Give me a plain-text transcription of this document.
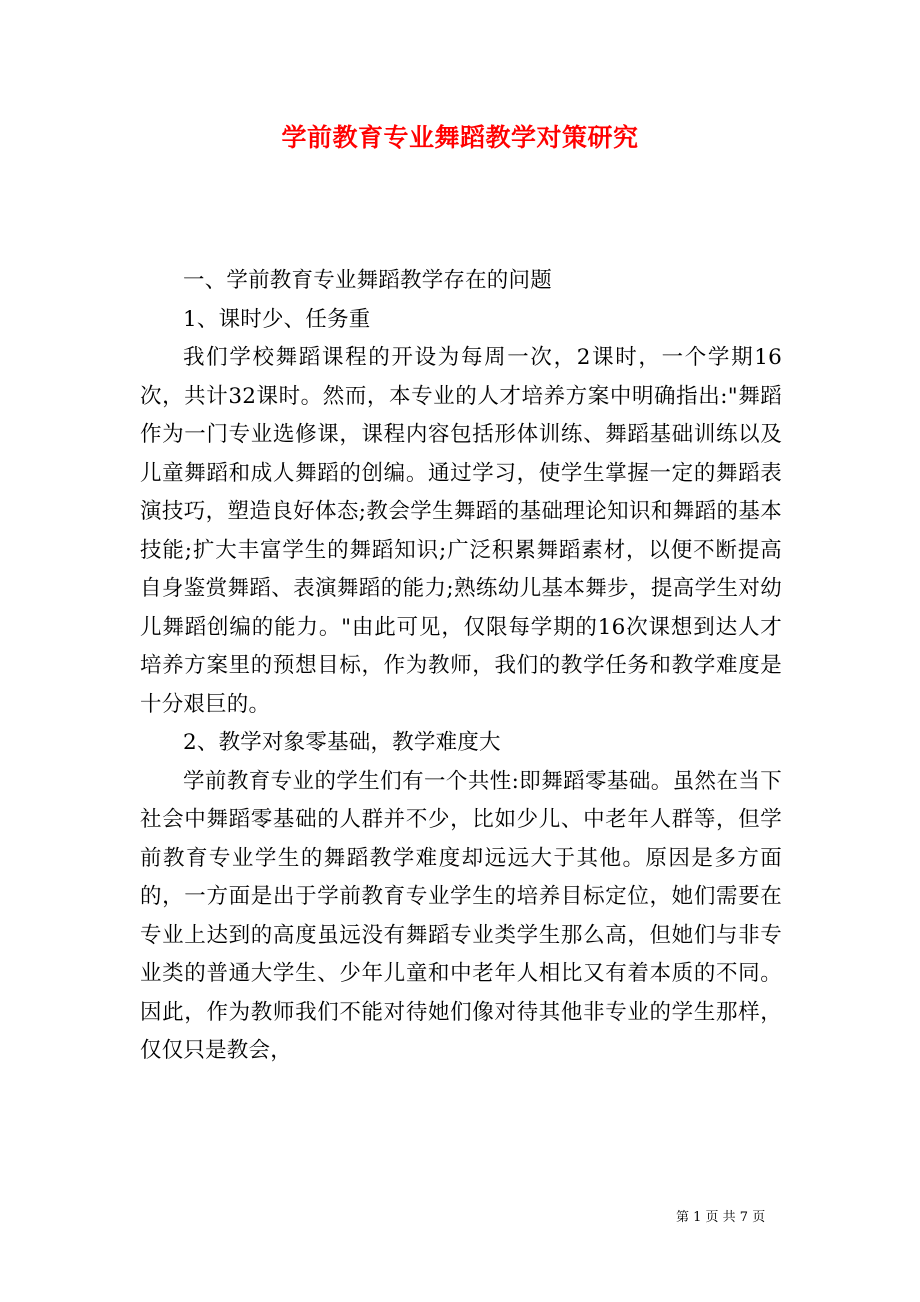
学前教育专业舞蹈教学对策研究

一、学前教育专业舞蹈教学存在的问题

1、课时少、任务重

我们学校舞蹈课程的开设为每周一次，2课时，一个学期16次，共计32课时。然而，本专业的人才培养方案中明确指出:"舞蹈作为一门专业选修课，课程内容包括形体训练、舞蹈基础训练以及儿童舞蹈和成人舞蹈的创编。通过学习，使学生掌握一定的舞蹈表演技巧，塑造良好体态;教会学生舞蹈的基础理论知识和舞蹈的基本技能;扩大丰富学生的舞蹈知识;广泛积累舞蹈素材，以便不断提高自身鉴赏舞蹈、表演舞蹈的能力;熟练幼儿基本舞步，提高学生对幼儿舞蹈创编的能力。"由此可见，仅限每学期的16次课想到达人才培养方案里的预想目标，作为教师，我们的教学任务和教学难度是十分艰巨的。

2、教学对象零基础，教学难度大

学前教育专业的学生们有一个共性:即舞蹈零基础。虽然在当下社会中舞蹈零基础的人群并不少，比如少儿、中老年人群等，但学前教育专业学生的舞蹈教学难度却远远大于其他。原因是多方面的，一方面是出于学前教育专业学生的培养目标定位，她们需要在专业上达到的高度虽远没有舞蹈专业类学生那么高，但她们与非专业类的普通大学生、少年儿童和中老年人相比又有着本质的不同。因此，作为教师我们不能对待她们像对待其他非专业的学生那样，仅仅只是教会，

第 1 页 共 7 页
